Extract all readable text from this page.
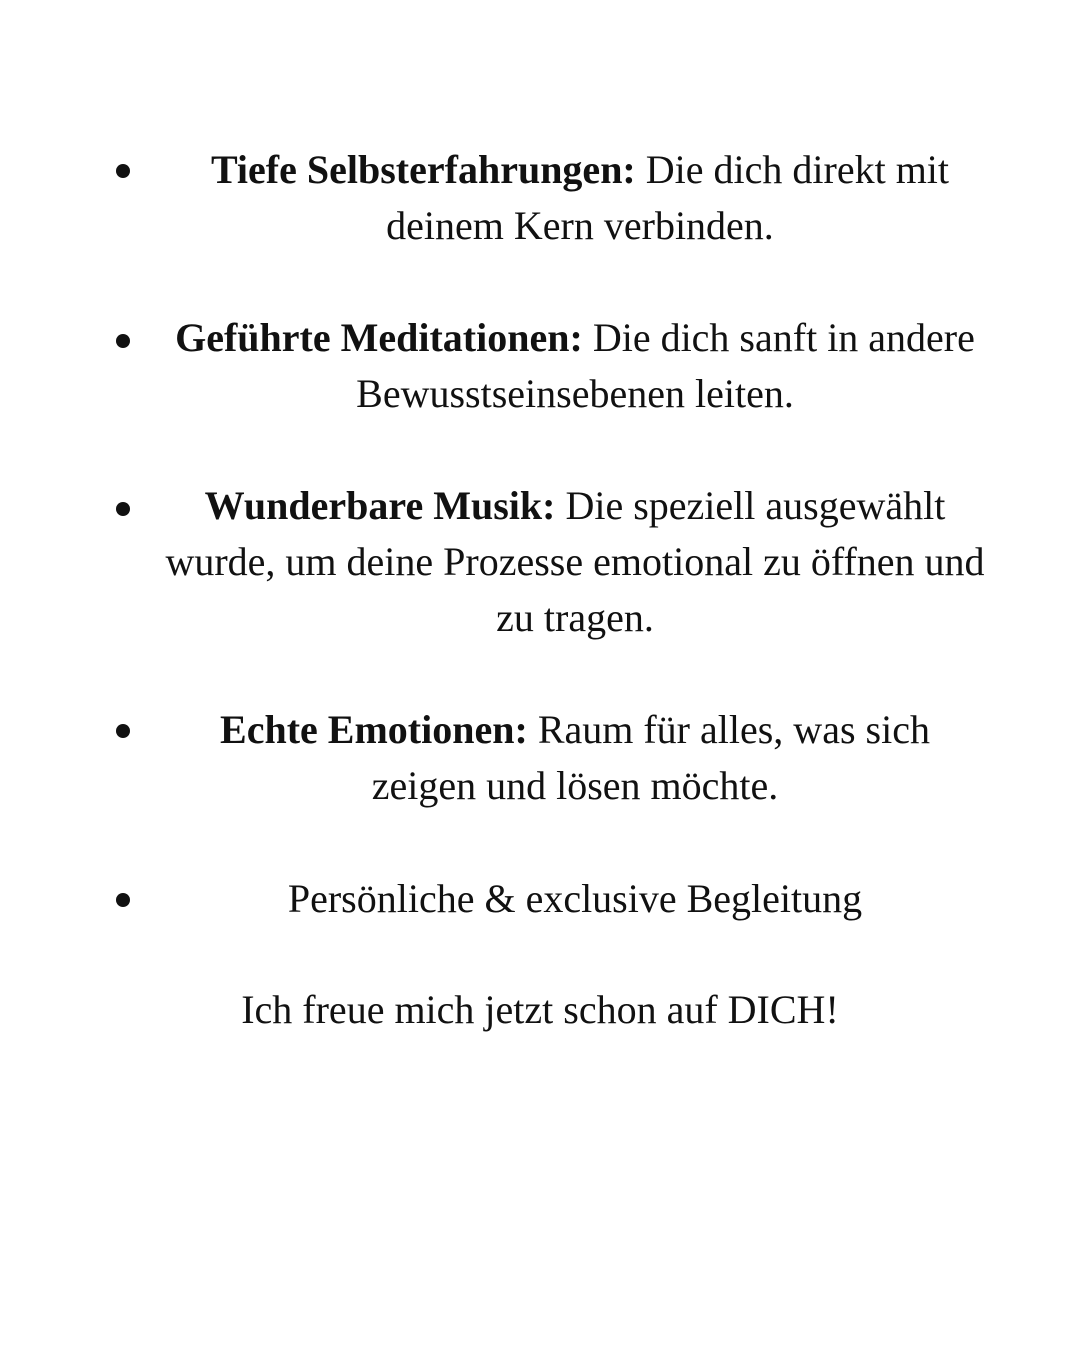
Tiefe Selbsterfahrungen: Die dich direkt mit deinem Kern verbinden.

Geführte Meditationen: Die dich sanft in andere Bewusstseinsebenen leiten.

Wunderbare Musik: Die speziell ausgewählt wurde, um deine Prozesse emotional zu öffnen und zu tragen.

Echte Emotionen: Raum für alles, was sich zeigen und lösen möchte.

Persönliche & exclusive Begleitung

Ich freue mich jetzt schon auf DICH!
